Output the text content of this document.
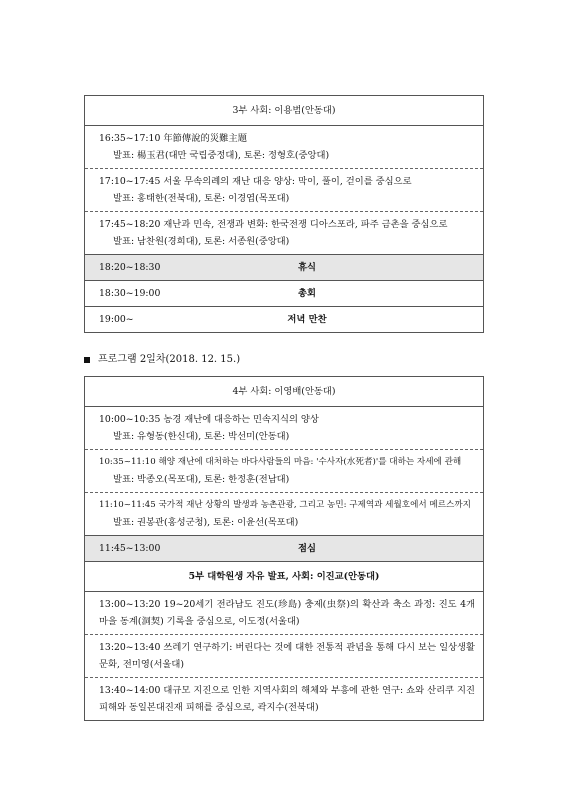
3부 사회: 이용범(안동대)

16:35~17:10 年節傳說的災難主題
발표: 楊玉君(대만 국립중정대), 토론: 정형호(중앙대)

17:10~17:45 서울 무속의례의 재난 대응 양상: 막이, 풀이, 걷이를 중심으로
발표: 홍태한(전북대), 토론: 이경엽(목포대)

17:45~18:20 재난과 민속, 전쟁과 변화: 한국전쟁 디아스포라, 파주 금촌을 중심으로
발표: 남찬원(경희대), 토론: 서종원(중앙대)

18:20~18:30	휴식

18:30~19:00	총회

19:00~	저녁 만찬
프로그램 2일차(2018. 12. 15.)
4부 사회: 이영배(안동대)

10:00~10:35 농경 재난에 대응하는 민속지식의 양상
발표: 유형동(한신대), 토론: 박선미(안동대)

10:35~11:10 해양 재난에 대처하는 바다사람들의 마음: '수사자(水死者)'를 대하는 자세에 관해
발표: 박종오(목포대), 토론: 한정훈(전남대)

11:10~11:45 국가적 재난 상황의 발생과 농촌관광, 그리고 농민: 구제역과 세월호에서 메르스까지
발표: 권봉관(홍성군청), 토론: 이윤선(목포대)

11:45~13:00	점심

5부 대학원생 자유 발표, 사회: 이진교(안동대)
13:00~13:20 19~20세기 전라남도 진도(珍島) 충제(虫祭)의 확산과 축소 과정: 진도 4개 마을 동계(洞契) 기록을 중심으로, 이도정(서울대)
13:20~13:40 쓰레기 연구하기: 버린다는 것에 대한 전통적 관념을 통해 다시 보는 일상생활문화, 전미영(서울대)
13:40~14:00 대규모 지진으로 인한 지역사회의 해체와 부흥에 관한 연구: 쇼와 산리쿠 지진 피해와 동일본대진재 피해를 중심으로, 곽지수(전북대)
